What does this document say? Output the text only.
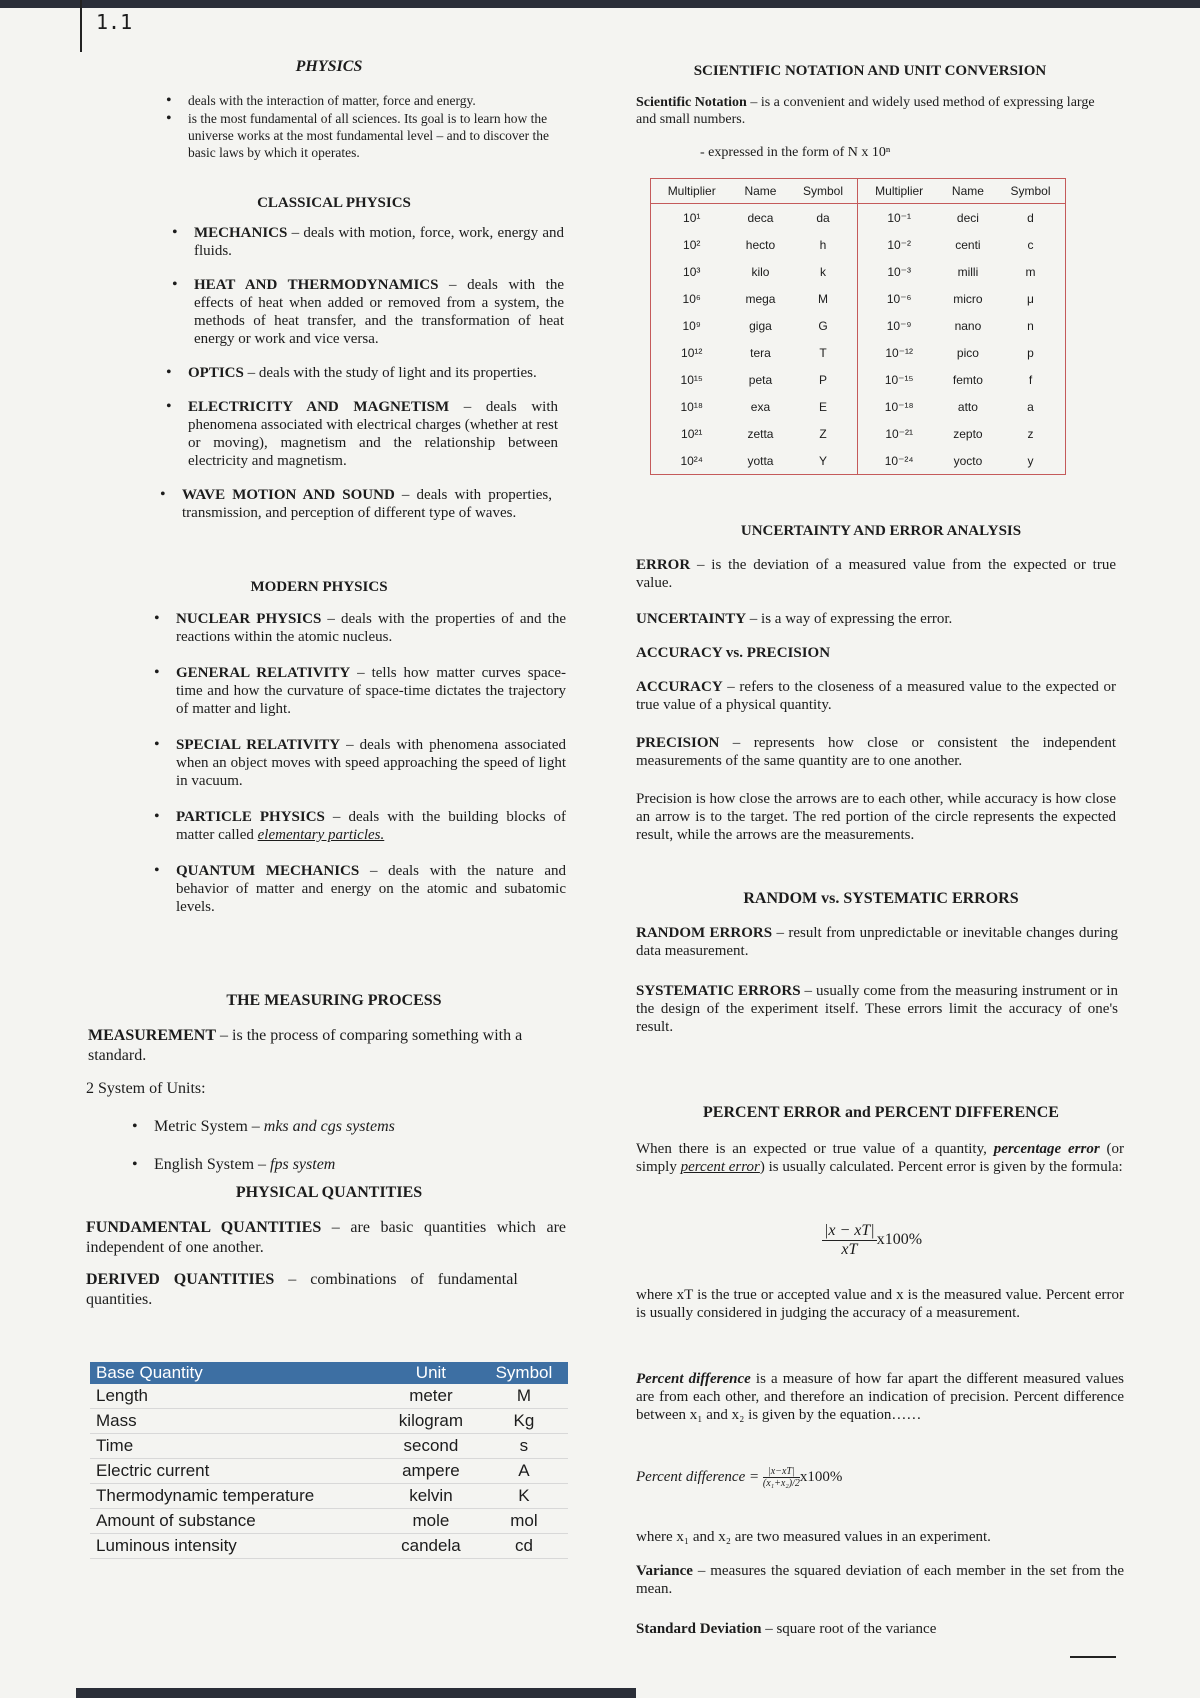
1.1

PHYSICS

• deals with the interaction of matter, force and energy.
• is the most fundamental of all sciences. Its goal is to learn how the universe works at the most fundamental level – and to discover the basic laws by which it operates.

CLASSICAL PHYSICS

• MECHANICS – deals with motion, force, work, energy and fluids.
• HEAT AND THERMODYNAMICS – deals with the effects of heat when added or removed from a system, the methods of heat transfer, and the transformation of heat energy or work and vice versa.
• OPTICS – deals with the study of light and its properties.
• ELECTRICITY AND MAGNETISM – deals with phenomena associated with electrical charges (whether at rest or moving), magnetism and the relationship between electricity and magnetism.
• WAVE MOTION AND SOUND – deals with properties, transmission, and perception of different type of waves.

MODERN PHYSICS

• NUCLEAR PHYSICS – deals with the properties of and the reactions within the atomic nucleus.
• GENERAL RELATIVITY – tells how matter curves space-time and how the curvature of space-time dictates the trajectory of matter and light.
• SPECIAL RELATIVITY – deals with phenomena associated when an object moves with speed approaching the speed of light in vacuum.
• PARTICLE PHYSICS – deals with the building blocks of matter called elementary particles.
• QUANTUM MECHANICS – deals with the nature and behavior of matter and energy on the atomic and subatomic levels.

THE MEASURING PROCESS

MEASUREMENT – is the process of comparing something with a standard.

2 System of Units:

• Metric System – mks and cgs systems
• English System – fps system

PHYSICAL QUANTITIES

FUNDAMENTAL QUANTITIES – are basic quantities which are independent of one another.

DERIVED QUANTITIES – combinations of fundamental quantities.

Base Quantity	Unit	Symbol
Length	meter	M
Mass	kilogram	Kg
Time	second	s
Electric current	ampere	A
Thermodynamic temperature	kelvin	K
Amount of substance	mole	mol
Luminous intensity	candela	cd

SCIENTIFIC NOTATION AND UNIT CONVERSION

Scientific Notation – is a convenient and widely used method of expressing large and small numbers.

- expressed in the form of N x 10ⁿ

Multiplier	Name	Symbol	Multiplier	Name	Symbol
10¹	deca	da	10⁻¹	deci	d
10²	hecto	h	10⁻²	centi	c
10³	kilo	k	10⁻³	milli	m
10⁶	mega	M	10⁻⁶	micro	μ
10⁹	giga	G	10⁻⁹	nano	n
10¹²	tera	T	10⁻¹²	pico	p
10¹⁵	peta	P	10⁻¹⁵	femto	f
10¹⁸	exa	E	10⁻¹⁸	atto	a
10²¹	zetta	Z	10⁻²¹	zepto	z
10²⁴	yotta	Y	10⁻²⁴	yocto	y

UNCERTAINTY AND ERROR ANALYSIS

ERROR – is the deviation of a measured value from the expected or true value.

UNCERTAINTY – is a way of expressing the error.

ACCURACY vs. PRECISION

ACCURACY – refers to the closeness of a measured value to the expected or true value of a physical quantity.

PRECISION – represents how close or consistent the independent measurements of the same quantity are to one another.

Precision is how close the arrows are to each other, while accuracy is how close an arrow is to the target. The red portion of the circle represents the expected result, while the arrows are the measurements.

RANDOM vs. SYSTEMATIC ERRORS

RANDOM ERRORS – result from unpredictable or inevitable changes during data measurement.

SYSTEMATIC ERRORS – usually come from the measuring instrument or in the design of the experiment itself. These errors limit the accuracy of one's result.

PERCENT ERROR and PERCENT DIFFERENCE

When there is an expected or true value of a quantity, percentage error (or simply percent error) is usually calculated. Percent error is given by the formula:

$\frac{|x - xT|}{xT} x100\%$

where xT is the true or accepted value and x is the measured value. Percent error is usually considered in judging the accuracy of a measurement.

Percent difference is a measure of how far apart the different measured values are from each other, and therefore an indication of precision. Percent difference between x₁ and x₂ is given by the equation……

Percent difference = $\frac{|x-xT|}{\text{(x₁+x₂)/2}} x100\%$

where x₁ and x₂ are two measured values in an experiment.

Variance – measures the squared deviation of each member in the set from the mean.

Standard Deviation – square root of the variance
